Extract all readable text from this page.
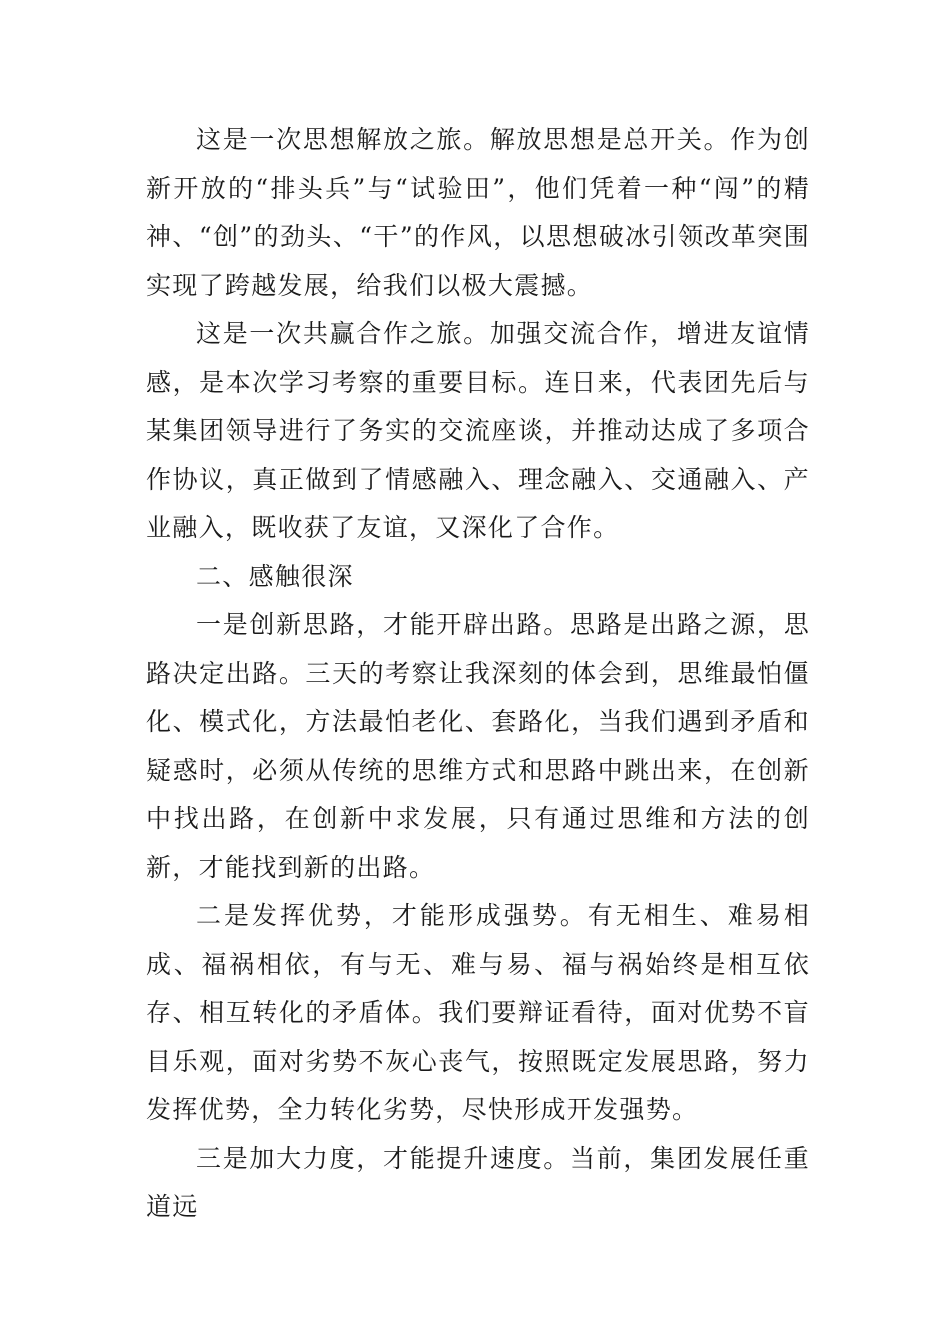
这是一次思想解放之旅。解放思想是总开关。作为创新开放的“排头兵”与“试验田”，他们凭着一种“闯”的精神、“创”的劲头、“干”的作风，以思想破冰引领改革突围实现了跨越发展，给我们以极大震撼。

这是一次共赢合作之旅。加强交流合作，增进友谊情感，是本次学习考察的重要目标。连日来，代表团先后与某集团领导进行了务实的交流座谈，并推动达成了多项合作协议，真正做到了情感融入、理念融入、交通融入、产业融入，既收获了友谊，又深化了合作。

二、感触很深

一是创新思路，才能开辟出路。思路是出路之源，思路决定出路。三天的考察让我深刻的体会到，思维最怕僵化、模式化，方法最怕老化、套路化，当我们遇到矛盾和疑惑时，必须从传统的思维方式和思路中跳出来，在创新中找出路，在创新中求发展，只有通过思维和方法的创新，才能找到新的出路。

二是发挥优势，才能形成强势。有无相生、难易相成、福祸相依，有与无、难与易、福与祸始终是相互依存、相互转化的矛盾体。我们要辩证看待，面对优势不盲目乐观，面对劣势不灰心丧气，按照既定发展思路，努力发挥优势，全力转化劣势，尽快形成开发强势。

三是加大力度，才能提升速度。当前，集团发展任重道远
